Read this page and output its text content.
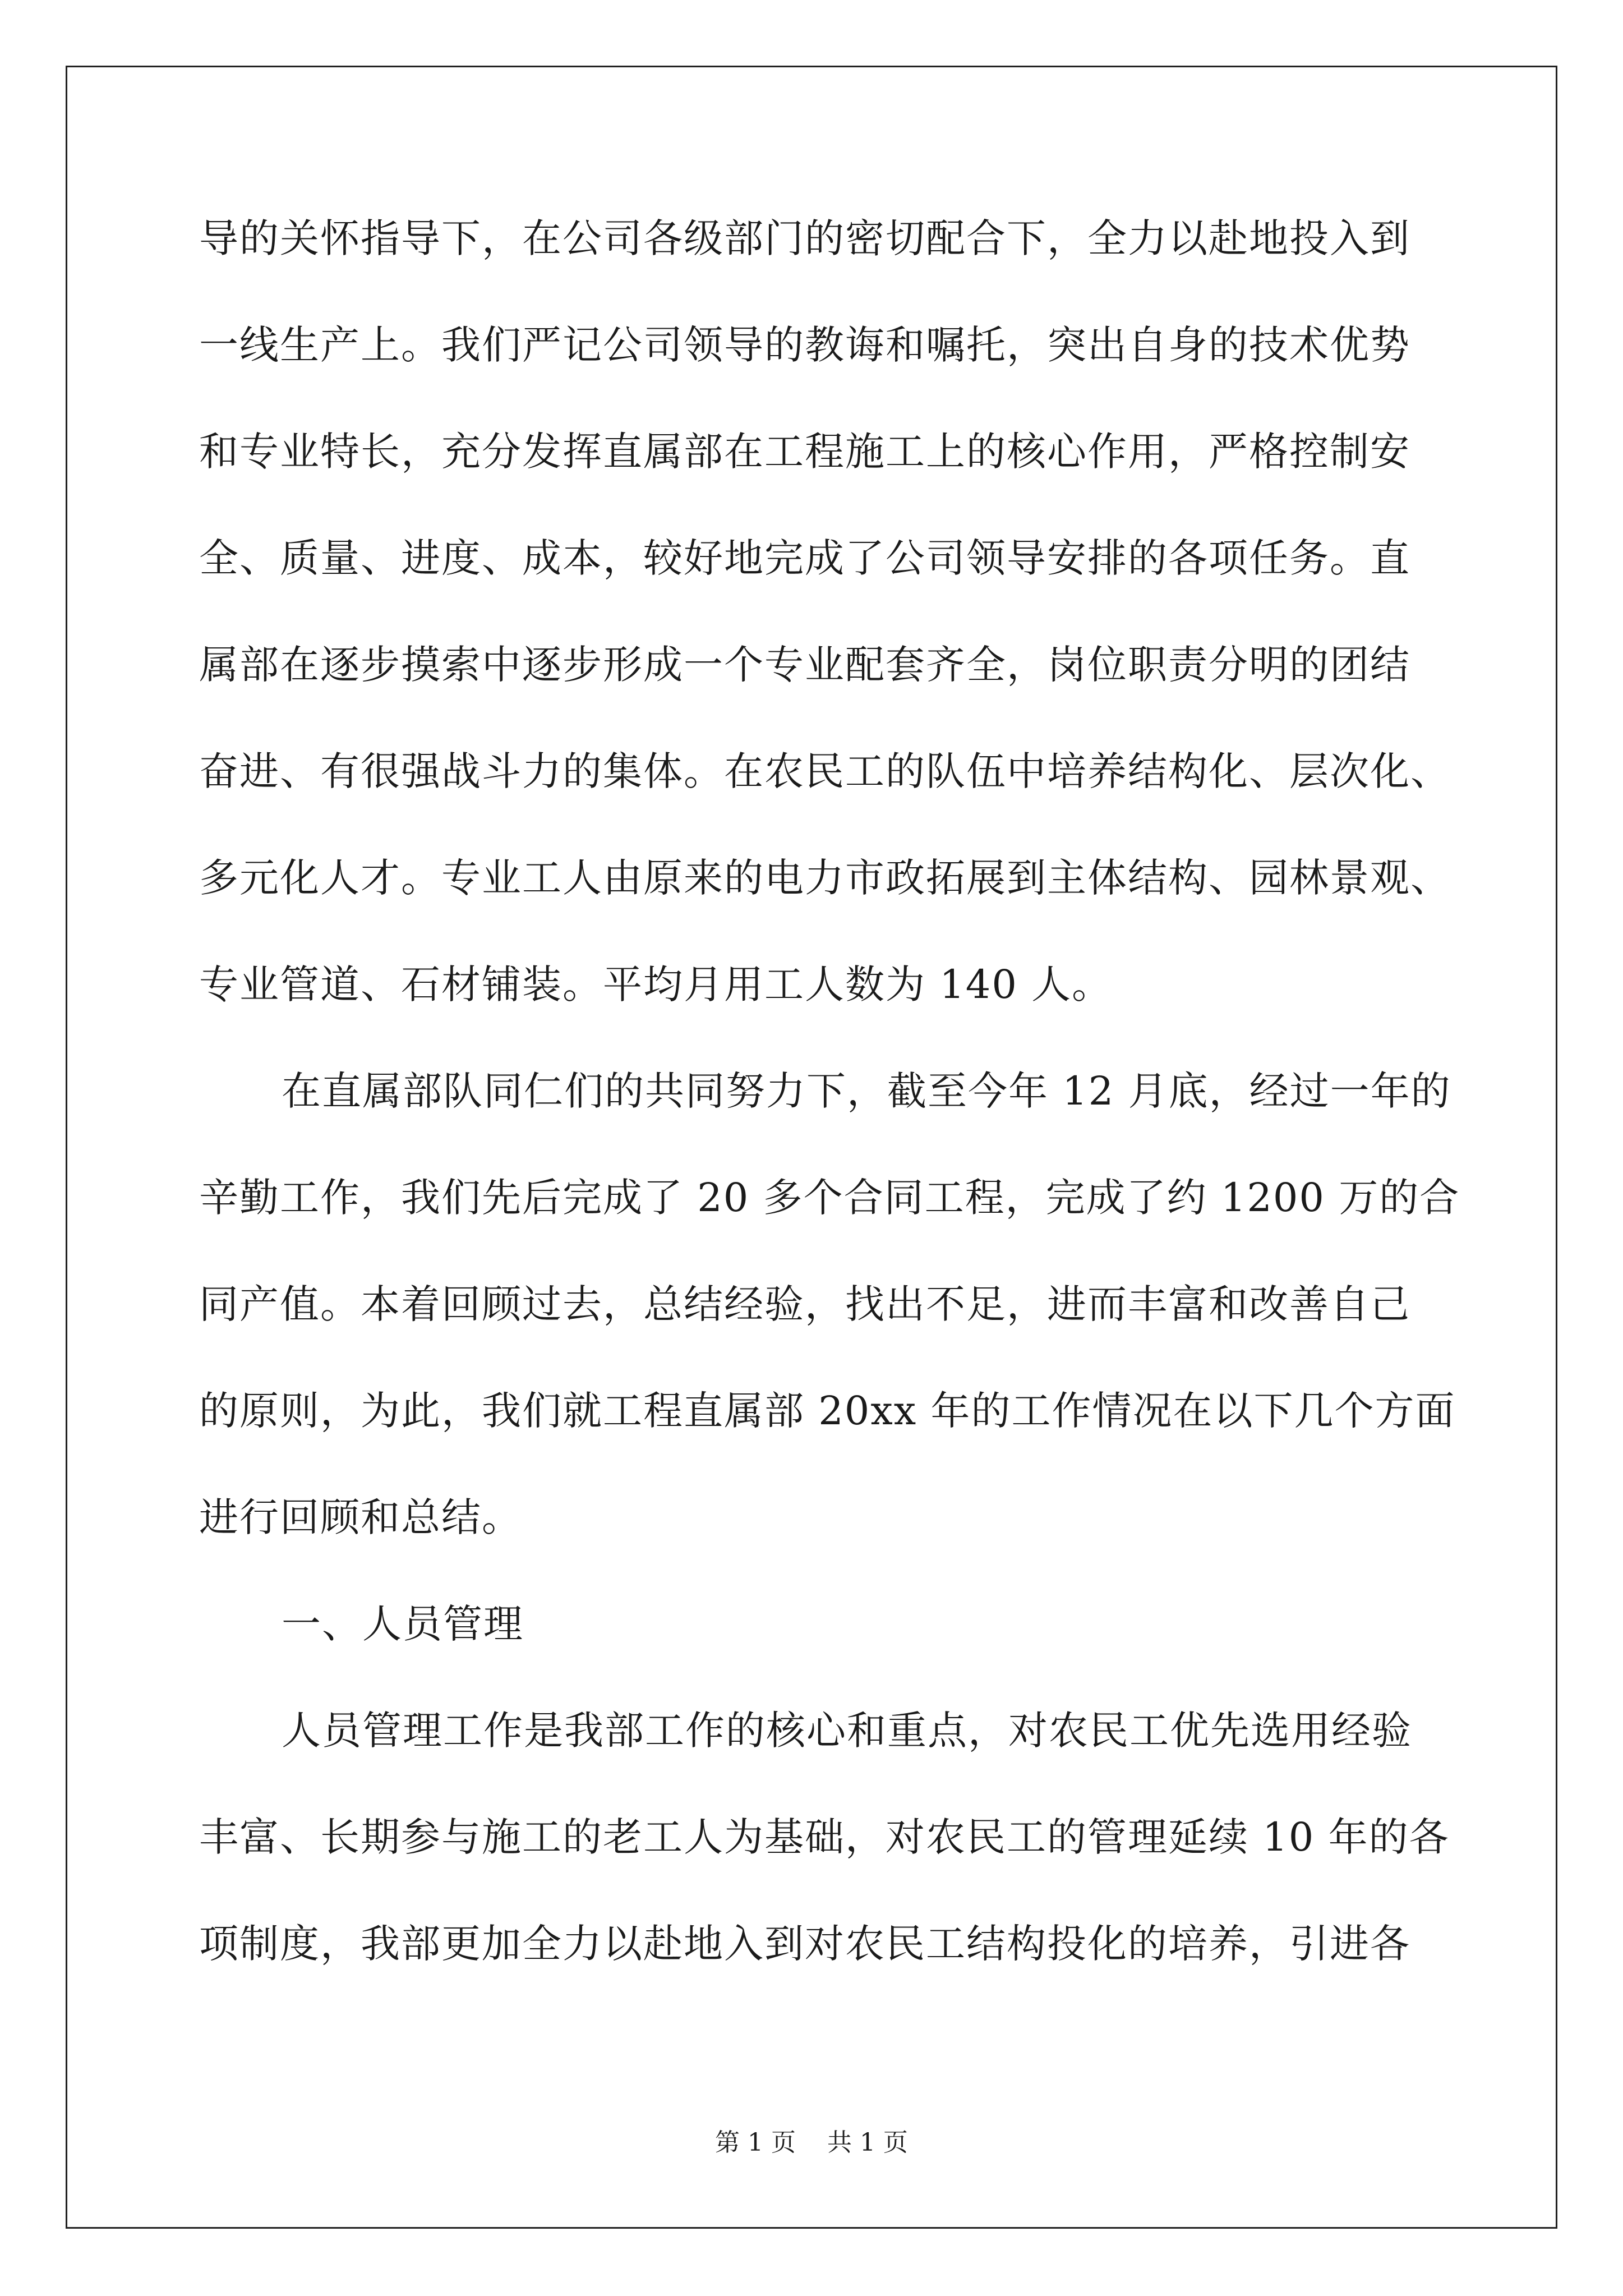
导的关怀指导下，在公司各级部门的密切配合下，全力以赴地投入到
一线生产上。我们严记公司领导的教诲和嘱托，突出自身的技术优势
和专业特长，充分发挥直属部在工程施工上的核心作用，严格控制安
全、质量、进度、成本，较好地完成了公司领导安排的各项任务。直
属部在逐步摸索中逐步形成一个专业配套齐全，岗位职责分明的团结
奋进、有很强战斗力的集体。在农民工的队伍中培养结构化、层次化、
多元化人才。专业工人由原来的电力市政拓展到主体结构、园林景观、
专业管道、石材铺装。平均月用工人数为 140 人。
在直属部队同仁们的共同努力下，截至今年 12 月底，经过一年的
辛勤工作，我们先后完成了 20 多个合同工程，完成了约 1200 万的合
同产值。本着回顾过去，总结经验，找出不足，进而丰富和改善自己
的原则，为此，我们就工程直属部 20xx 年的工作情况在以下几个方面
进行回顾和总结。
一、人员管理
人员管理工作是我部工作的核心和重点，对农民工优先选用经验
丰富、长期参与施工的老工人为基础，对农民工的管理延续 10 年的各
项制度，我部更加全力以赴地入到对农民工结构投化的培养，引进各
第 1 页    共 1 页
